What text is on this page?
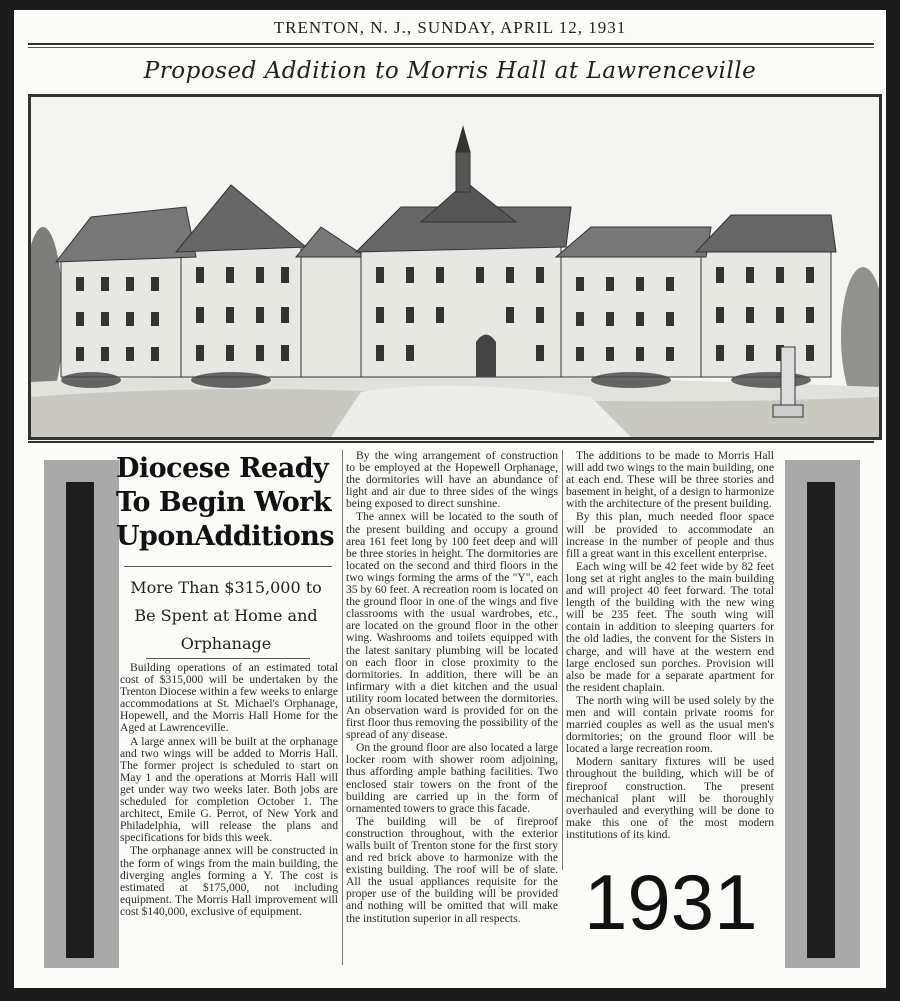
TRENTON, N. J., SUNDAY, APRIL 12, 1931
Proposed Addition to Morris Hall at Lawrenceville
Diocese Ready To Begin Work UponAdditions
More Than $315,000 to Be Spent at Home and Orphanage

Building operations of an estimated total cost of $315,000 will be undertaken by the Trenton Diocese within a few weeks to enlarge accommodations at St. Michael's Orphanage, Hopewell, and the Morris Hall Home for the Aged at Lawrenceville.

A large annex will be built at the orphanage and two wings will be added to Morris Hall. The former project is scheduled to start on May 1 and the operations at Morris Hall will get under way two weeks later. Both jobs are scheduled for completion October 1. The architect, Emile G. Perrot, of New York and Philadelphia, will release the plans and specifications for bids this week.

The orphanage annex will be constructed in the form of wings from the main building, the diverging angles forming a Y. The cost is estimated at $175,000, not including equipment. The Morris Hall improvement will cost $140,000, exclusive of equipment.

By the wing arrangement of construction to be employed at the Hopewell Orphanage, the dormitories will have an abundance of light and air due to three sides of the wings being exposed to direct sunshine.

The annex will be located to the south of the present building and occupy a ground area 161 feet long by 100 feet deep and will be three stories in height. The dormitories are located on the second and third floors in the two wings forming the arms of the "Y", each 35 by 60 feet. A recreation room is located on the ground floor in one of the wings and five classrooms with the usual wardrobes, etc., are located on the ground floor in the other wing. Washrooms and toilets equipped with the latest sanitary plumbing will be located on each floor in close proximity to the dormitories. In addition, there will be an infirmary with a diet kitchen and the usual utility room located between the dormitories. An observation ward is provided for on the first floor thus removing the possibility of the spread of any disease.

On the ground floor are also located a large locker room with shower room adjoining, thus affording ample bathing facilities. Two enclosed stair towers on the front of the building are carried up in the form of ornamented towers to grace this facade.

The building will be of fireproof construction throughout, with the exterior walls built of Trenton stone for the first story and red brick above to harmonize with the existing building. The roof will be of slate. All the usual appliances requisite for the proper use of the building will be provided and nothing will be omitted that will make the institution superior in all respects.

The additions to be made to Morris Hall will add two wings to the main building, one at each end. These will be three stories and basement in height, of a design to harmonize with the architecture of the present building.

By this plan, much needed floor space will be provided to accommodate an increase in the number of people and thus fill a great want in this excellent enterprise.

Each wing will be 42 feet wide by 82 feet long set at right angles to the main building and will project 40 feet forward. The total length of the building with the new wing will be 235 feet. The south wing will contain in addition to sleeping quarters for the old ladies, the convent for the Sisters in charge, and will have at the western end large enclosed sun porches. Provision will also be made for a separate apartment for the resident chaplain.

The north wing will be used solely by the men and will contain private rooms for married couples as well as the usual men's dormitories; on the ground floor will be located a large recreation room.

Modern sanitary fixtures will be used throughout the building, which will be of fireproof construction. The present mechanical plant will be thoroughly overhauled and everything will be done to make this one of the most modern institutions of its kind.

1931
